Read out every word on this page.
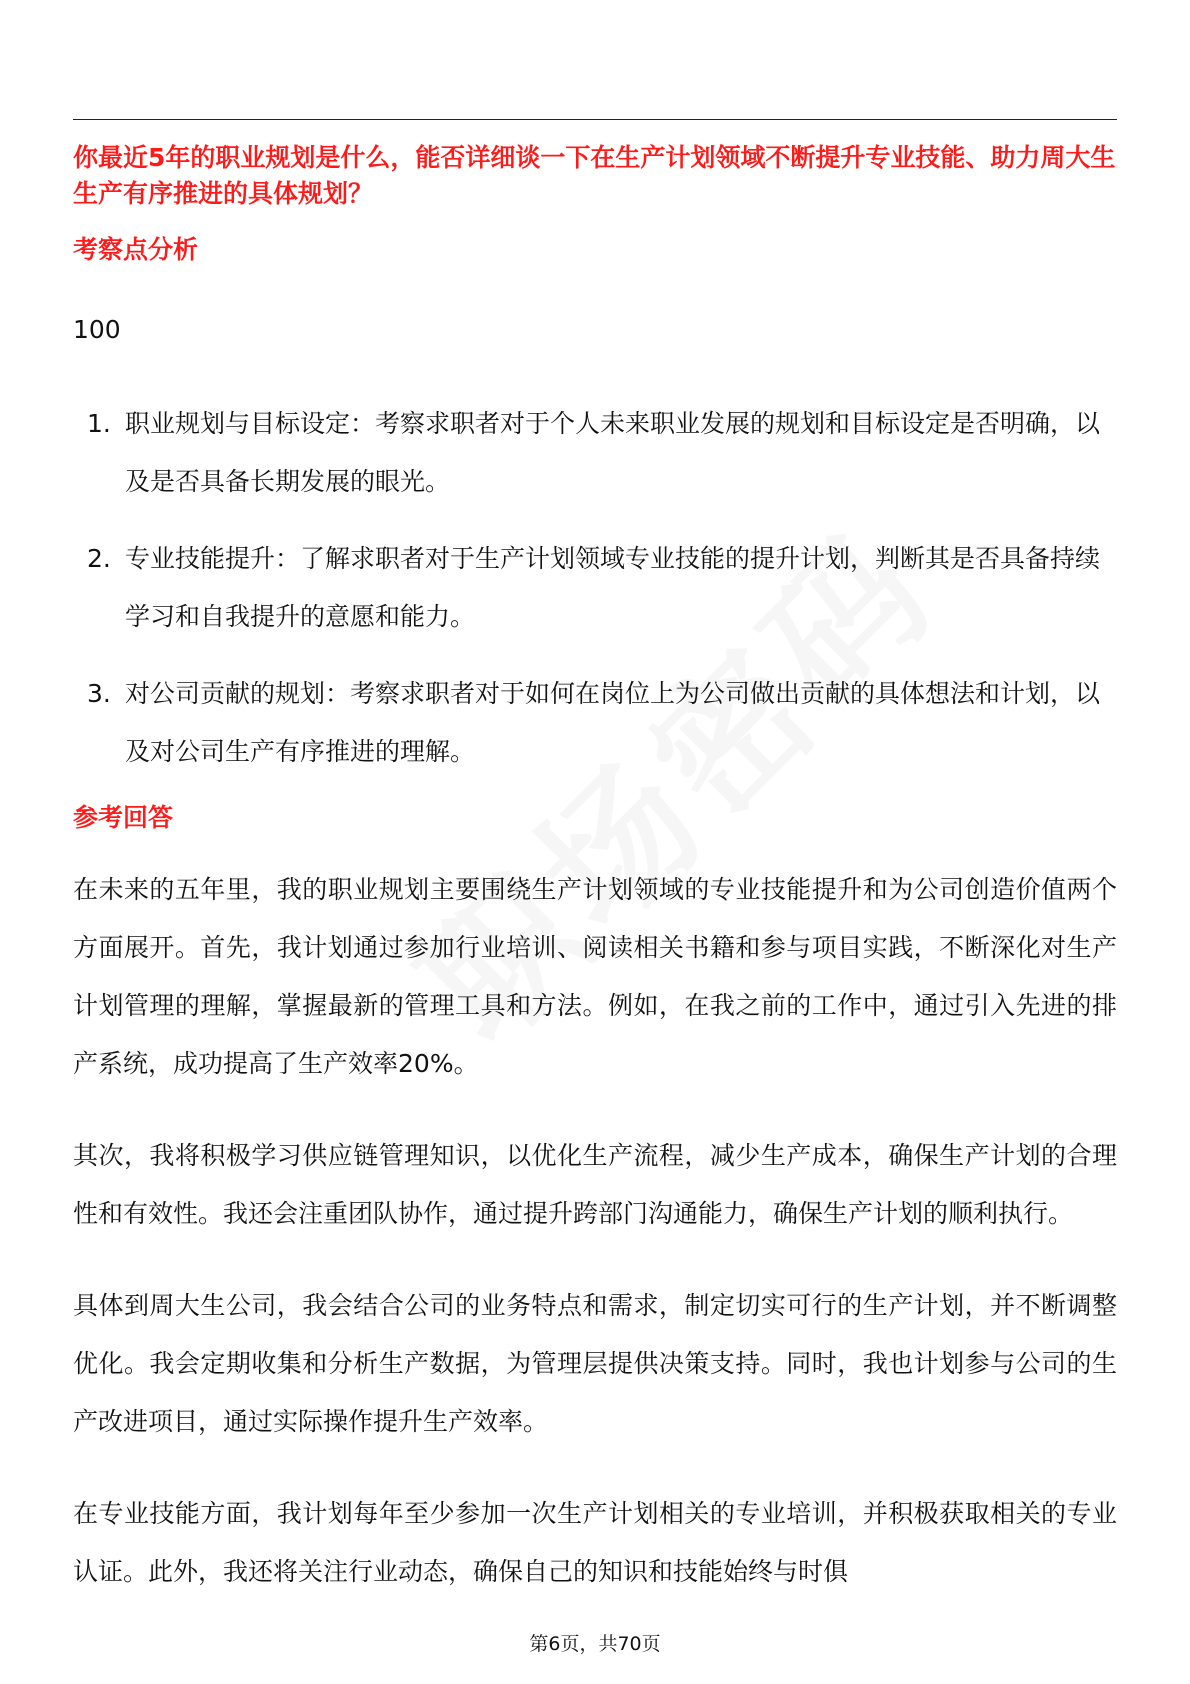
你最近5年的职业规划是什么，能否详细谈一下在生产计划领域不断提升专业技能、助力周大生生产有序推进的具体规划？

考察点分析

100

1. 职业规划与目标设定：考察求职者对于个人未来职业发展的规划和目标设定是否明确，以及是否具备长期发展的眼光。
2. 专业技能提升：了解求职者对于生产计划领域专业技能的提升计划，判断其是否具备持续学习和自我提升的意愿和能力。
3. 对公司贡献的规划：考察求职者对于如何在岗位上为公司做出贡献的具体想法和计划，以及对公司生产有序推进的理解。
参考回答

在未来的五年里，我的职业规划主要围绕生产计划领域的专业技能提升和为公司创造价值两个方面展开。首先，我计划通过参加行业培训、阅读相关书籍和参与项目实践，不断深化对生产计划管理的理解，掌握最新的管理工具和方法。例如，在我之前的工作中，通过引入先进的排产系统，成功提高了生产效率20%。

其次，我将积极学习供应链管理知识，以优化生产流程，减少生产成本，确保生产计划的合理性和有效性。我还会注重团队协作，通过提升跨部门沟通能力，确保生产计划的顺利执行。

具体到周大生公司，我会结合公司的业务特点和需求，制定切实可行的生产计划，并不断调整优化。我会定期收集和分析生产数据，为管理层提供决策支持。同时，我也计划参与公司的生产改进项目，通过实际操作提升生产效率。

在专业技能方面，我计划每年至少参加一次生产计划相关的专业培训，并积极获取相关的专业认证。此外，我还将关注行业动态，确保自己的知识和技能始终与时俱

第6页，共70页
